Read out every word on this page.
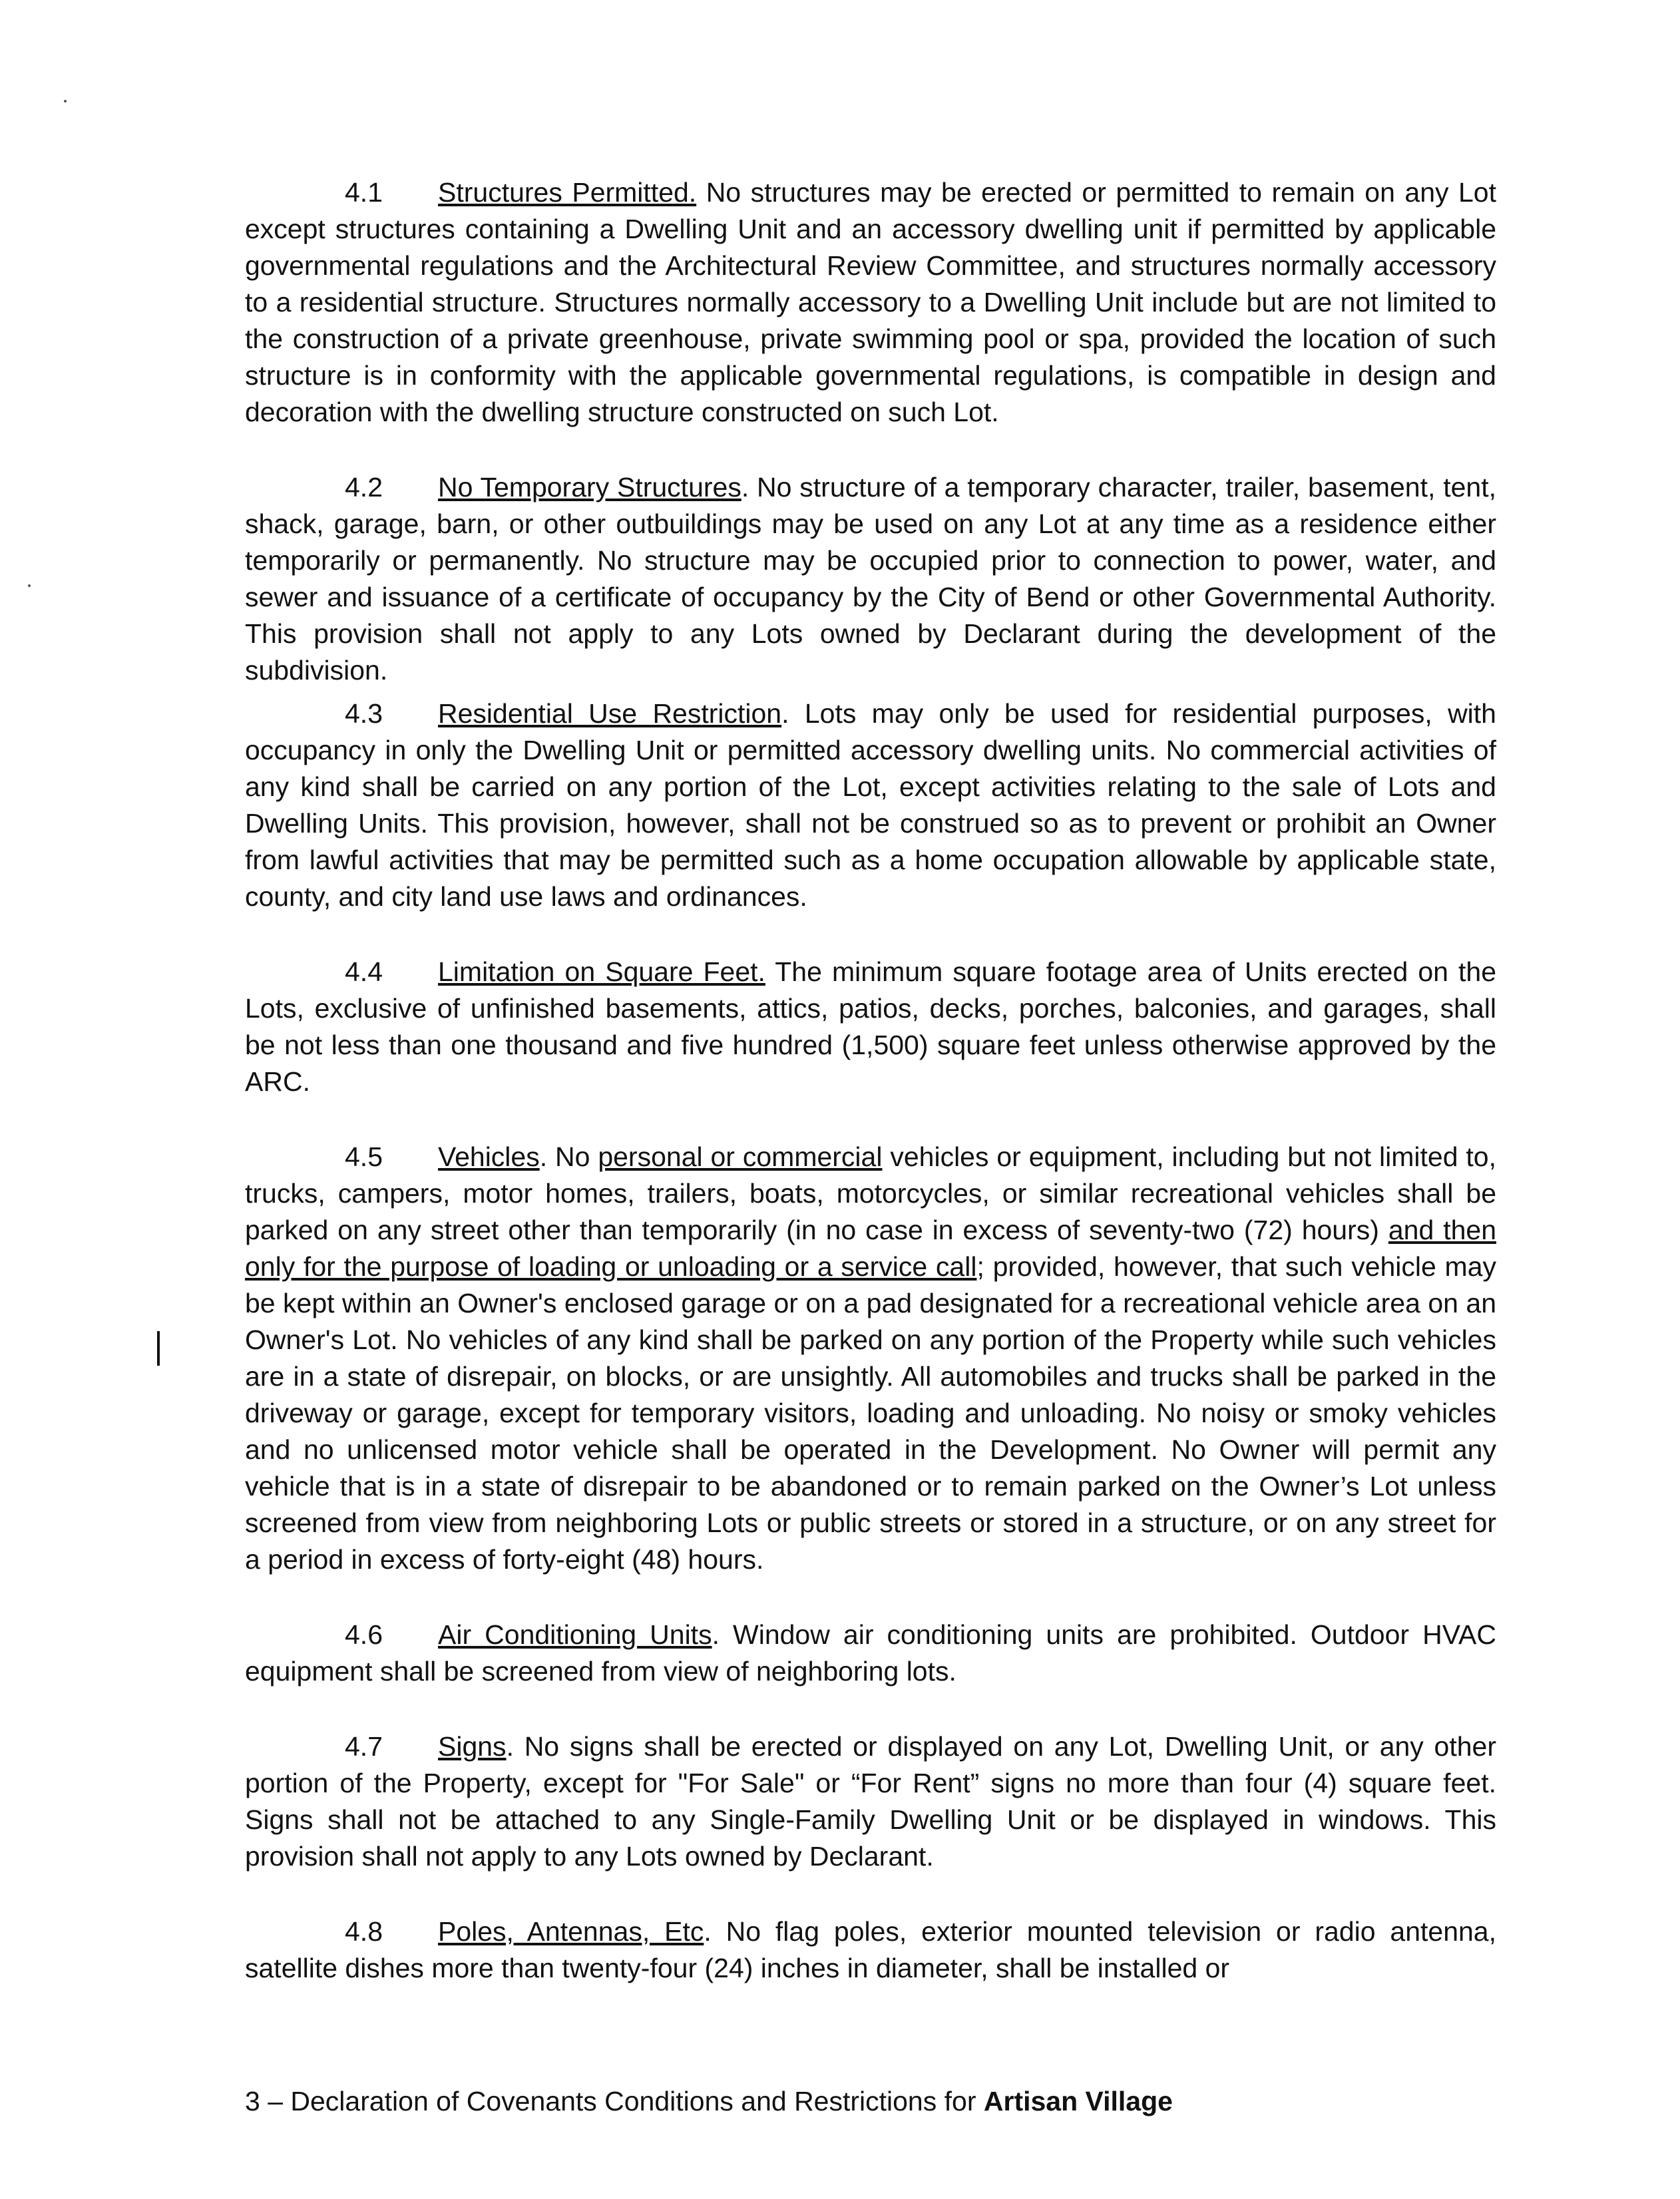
4.1 Structures Permitted. No structures may be erected or permitted to remain on any Lot except structures containing a Dwelling Unit and an accessory dwelling unit if permitted by applicable governmental regulations and the Architectural Review Committee, and structures normally accessory to a residential structure. Structures normally accessory to a Dwelling Unit include but are not limited to the construction of a private greenhouse, private swimming pool or spa, provided the location of such structure is in conformity with the applicable governmental regulations, is compatible in design and decoration with the dwelling structure constructed on such Lot.

4.2 No Temporary Structures. No structure of a temporary character, trailer, basement, tent, shack, garage, barn, or other outbuildings may be used on any Lot at any time as a residence either temporarily or permanently. No structure may be occupied prior to connection to power, water, and sewer and issuance of a certificate of occupancy by the City of Bend or other Governmental Authority. This provision shall not apply to any Lots owned by Declarant during the development of the subdivision.

4.3 Residential Use Restriction. Lots may only be used for residential purposes, with occupancy in only the Dwelling Unit or permitted accessory dwelling units. No commercial activities of any kind shall be carried on any portion of the Lot, except activities relating to the sale of Lots and Dwelling Units. This provision, however, shall not be construed so as to prevent or prohibit an Owner from lawful activities that may be permitted such as a home occupation allowable by applicable state, county, and city land use laws and ordinances.

4.4 Limitation on Square Feet. The minimum square footage area of Units erected on the Lots, exclusive of unfinished basements, attics, patios, decks, porches, balconies, and garages, shall be not less than one thousand and five hundred (1,500) square feet unless otherwise approved by the ARC.

4.5 Vehicles. No personal or commercial vehicles or equipment, including but not limited to, trucks, campers, motor homes, trailers, boats, motorcycles, or similar recreational vehicles shall be parked on any street other than temporarily (in no case in excess of seventy-two (72) hours) and then only for the purpose of loading or unloading or a service call; provided, however, that such vehicle may be kept within an Owner's enclosed garage or on a pad designated for a recreational vehicle area on an Owner's Lot. No vehicles of any kind shall be parked on any portion of the Property while such vehicles are in a state of disrepair, on blocks, or are unsightly. All automobiles and trucks shall be parked in the driveway or garage, except for temporary visitors, loading and unloading. No noisy or smoky vehicles and no unlicensed motor vehicle shall be operated in the Development. No Owner will permit any vehicle that is in a state of disrepair to be abandoned or to remain parked on the Owner’s Lot unless screened from view from neighboring Lots or public streets or stored in a structure, or on any street for a period in excess of forty-eight (48) hours.

4.6 Air Conditioning Units. Window air conditioning units are prohibited. Outdoor HVAC equipment shall be screened from view of neighboring lots.

4.7 Signs. No signs shall be erected or displayed on any Lot, Dwelling Unit, or any other portion of the Property, except for "For Sale" or “For Rent” signs no more than four (4) square feet. Signs shall not be attached to any Single-Family Dwelling Unit or be displayed in windows. This provision shall not apply to any Lots owned by Declarant.

4.8 Poles, Antennas, Etc. No flag poles, exterior mounted television or radio antenna, satellite dishes more than twenty-four (24) inches in diameter, shall be installed or

3 – Declaration of Covenants Conditions and Restrictions for Artisan Village
